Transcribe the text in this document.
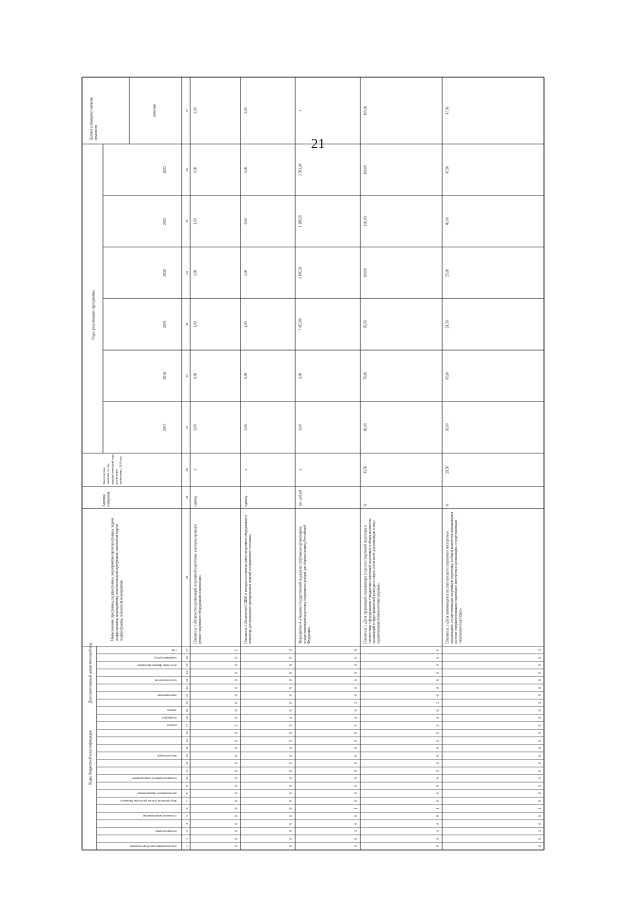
21
Коды бюджетной классификации
Дополнительный аналитический код
Годы реализации программы
Целевое (суммарное) значение показателя
значение
код муниципальной программы
подпрограмма
основное мероприятие
Код целевой статьи расходов бюджета
программное направление
подпрограммное направление
вид расходов
раздел
подраздел
задача
мероприятие
код показателя
источник финансирования
администратор
год
Наименование программы, подпрограммы, мероприятия (цели программы, задачи подпрограммы, мероприятия), показателя цели программы, показателя задачи подпрограммы, показателя мероприятия
Единица измерения
Фактическое значение за год, предшествующий году реализации программы, 2016 год
2017
2018
2019
2020
2021
2022
1
2
3
4
5
6
7
8
9
10
11
12
13
14
15
16
17
18
19
20
21
22
23
24
25
26
27
28
29
30
31
32
33
34
35
36
37
0
0
0
0
0
0
0
0
0
0
0
0
0
0
0
0
3
4
0
0
0
0
0
0
0
0
1
Показатель 1 «Количество организаций спортивной подготовки, в которых проведен ремонт спортивного оборудования и инвентаря»
единиц
х
0,00
0,00
1,00
1,00
1,00
0,00
2,00
0
0
0
0
0
0
0
0
0
0
0
0
0
0
0
0
3
4
0
0
0
0
0
0
0
0
2
Показатель 2 «Количество СШОР, в которых поставлено новое спортивное оборудование и инвентарь для проведения тренировочных занятий в нормативное состояние»
единиц
х
0,00
0,00
1,00
1,00
0,00
0,00
2,00
0
0
3
0
0
1
0
0
0
0
0
0
0
0
0
0
3
4
0
2
0
0
0
0
0
0
0
Мероприятие 4 «Оказание государственной поддержки спортивным организациям, осуществляющим подготовку спортивного резерва для сборных команд Российской Федерации»
тыс. рублей
х
0,00
0,00
7 415,80
1 186,50
1 186,50
1 581,00
х
0
0
3
0
0
1
0
0
0
0
0
0
0
0
0
0
3
4
0
2
0
0
0
0
0
0
1
Показатель 1 «Доля организаций, оказывающих услуги по спортивной подготовке в соответствии с федеральными стандартами спортивной подготовки, в общем количестве организаций в сфере физической культуры и спорта, в том числе для инвалидов и лиц с ограниченными возможностями здоровья»
%
43,50
66,00
76,60
95,00
100,00
100,00
100,00
100,00
0
0
3
0
0
1
0
0
0
0
0
0
0
0
0
0
3
4
0
2
0
0
0
0
0
0
2
Показатель 2 «Доля занимающихся на этапе высшего спортивного мастерства в организациях, осуществляющих спортивную подготовку, в общем количестве занимающихся на этапе совершенствования спортивного мастерства в организациях, осуществляющих спортивную подготовку»
%
29,50
30,00
45,00
24,50
25,00
46,00
47,00
47,00
